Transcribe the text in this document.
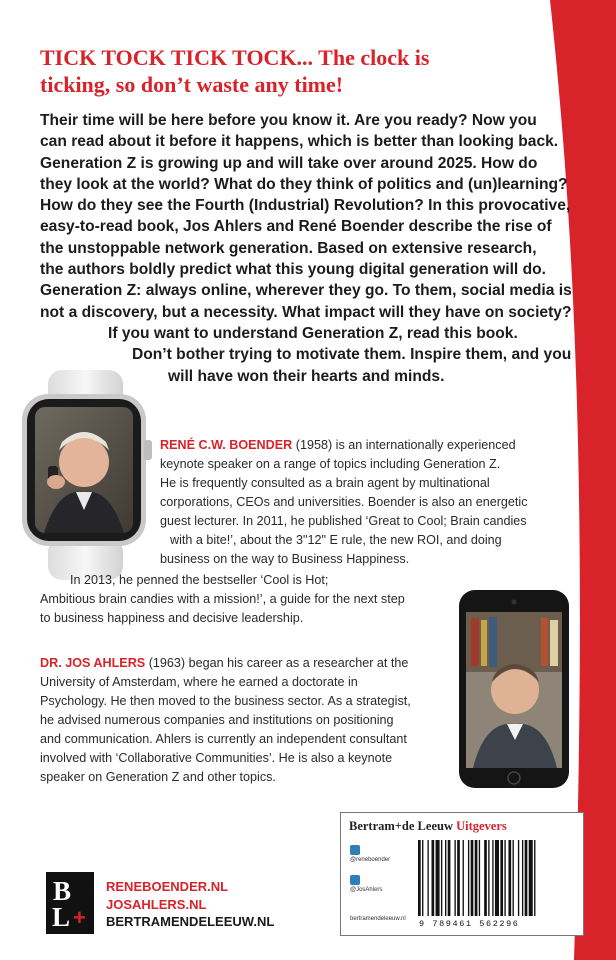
TICK TOCK TICK TOCK... The clock is
ticking, so don’t waste any time!
Their time will be here before you know it. Are you ready? Now you
can read about it before it happens, which is better than looking back.
Generation Z is growing up and will take over around 2025. How do
they look at the world? What do they think of politics and (un)learning?
How do they see the Fourth (Industrial) Revolution? In this provocative,
easy-to-read book, Jos Ahlers and René Boender describe the rise of
the unstoppable network generation. Based on extensive research,
the authors boldly predict what this young digital generation will do.
Generation Z: always online, wherever they go. To them, social media is
not a discovery, but a necessity. What impact will they have on society?
If you want to understand Generation Z, read this book.
Don’t bother trying to motivate them. Inspire them, and you
will have won their hearts and minds.
RENÉ C.W. BOENDER (1958) is an internationally experienced
keynote speaker on a range of topics including Generation Z.
He is frequently consulted as a brain agent by multinational
corporations, CEOs and universities. Boender is also an energetic
guest lecturer. In 2011, he published ‘Great to Cool; Brain candies
with a bite!’, about the 3"12" E rule, the new ROI, and doing
business on the way to Business Happiness.
In 2013, he penned the bestseller ‘Cool is Hot;
Ambitious brain candies with a mission!’, a guide for the next step
to business happiness and decisive leadership.
DR. JOS AHLERS (1963) began his career as a researcher at the
University of Amsterdam, where he earned a doctorate in
Psychology. He then moved to the business sector. As a strategist,
he advised numerous companies and institutions on positioning
and communication. Ahlers is currently an independent consultant
involved with ‘Collaborative Communities’. He is also a keynote
speaker on Generation Z and other topics.
Bertram+de Leeuw Uitgevers
@reneboender
@JosAhlers
bertramendeleeuw.nl 9 789461 562296
B
L +
RENEBOENDER.NL
JOSAHLERS.NL
BERTRAMENDELEEUW.NL
